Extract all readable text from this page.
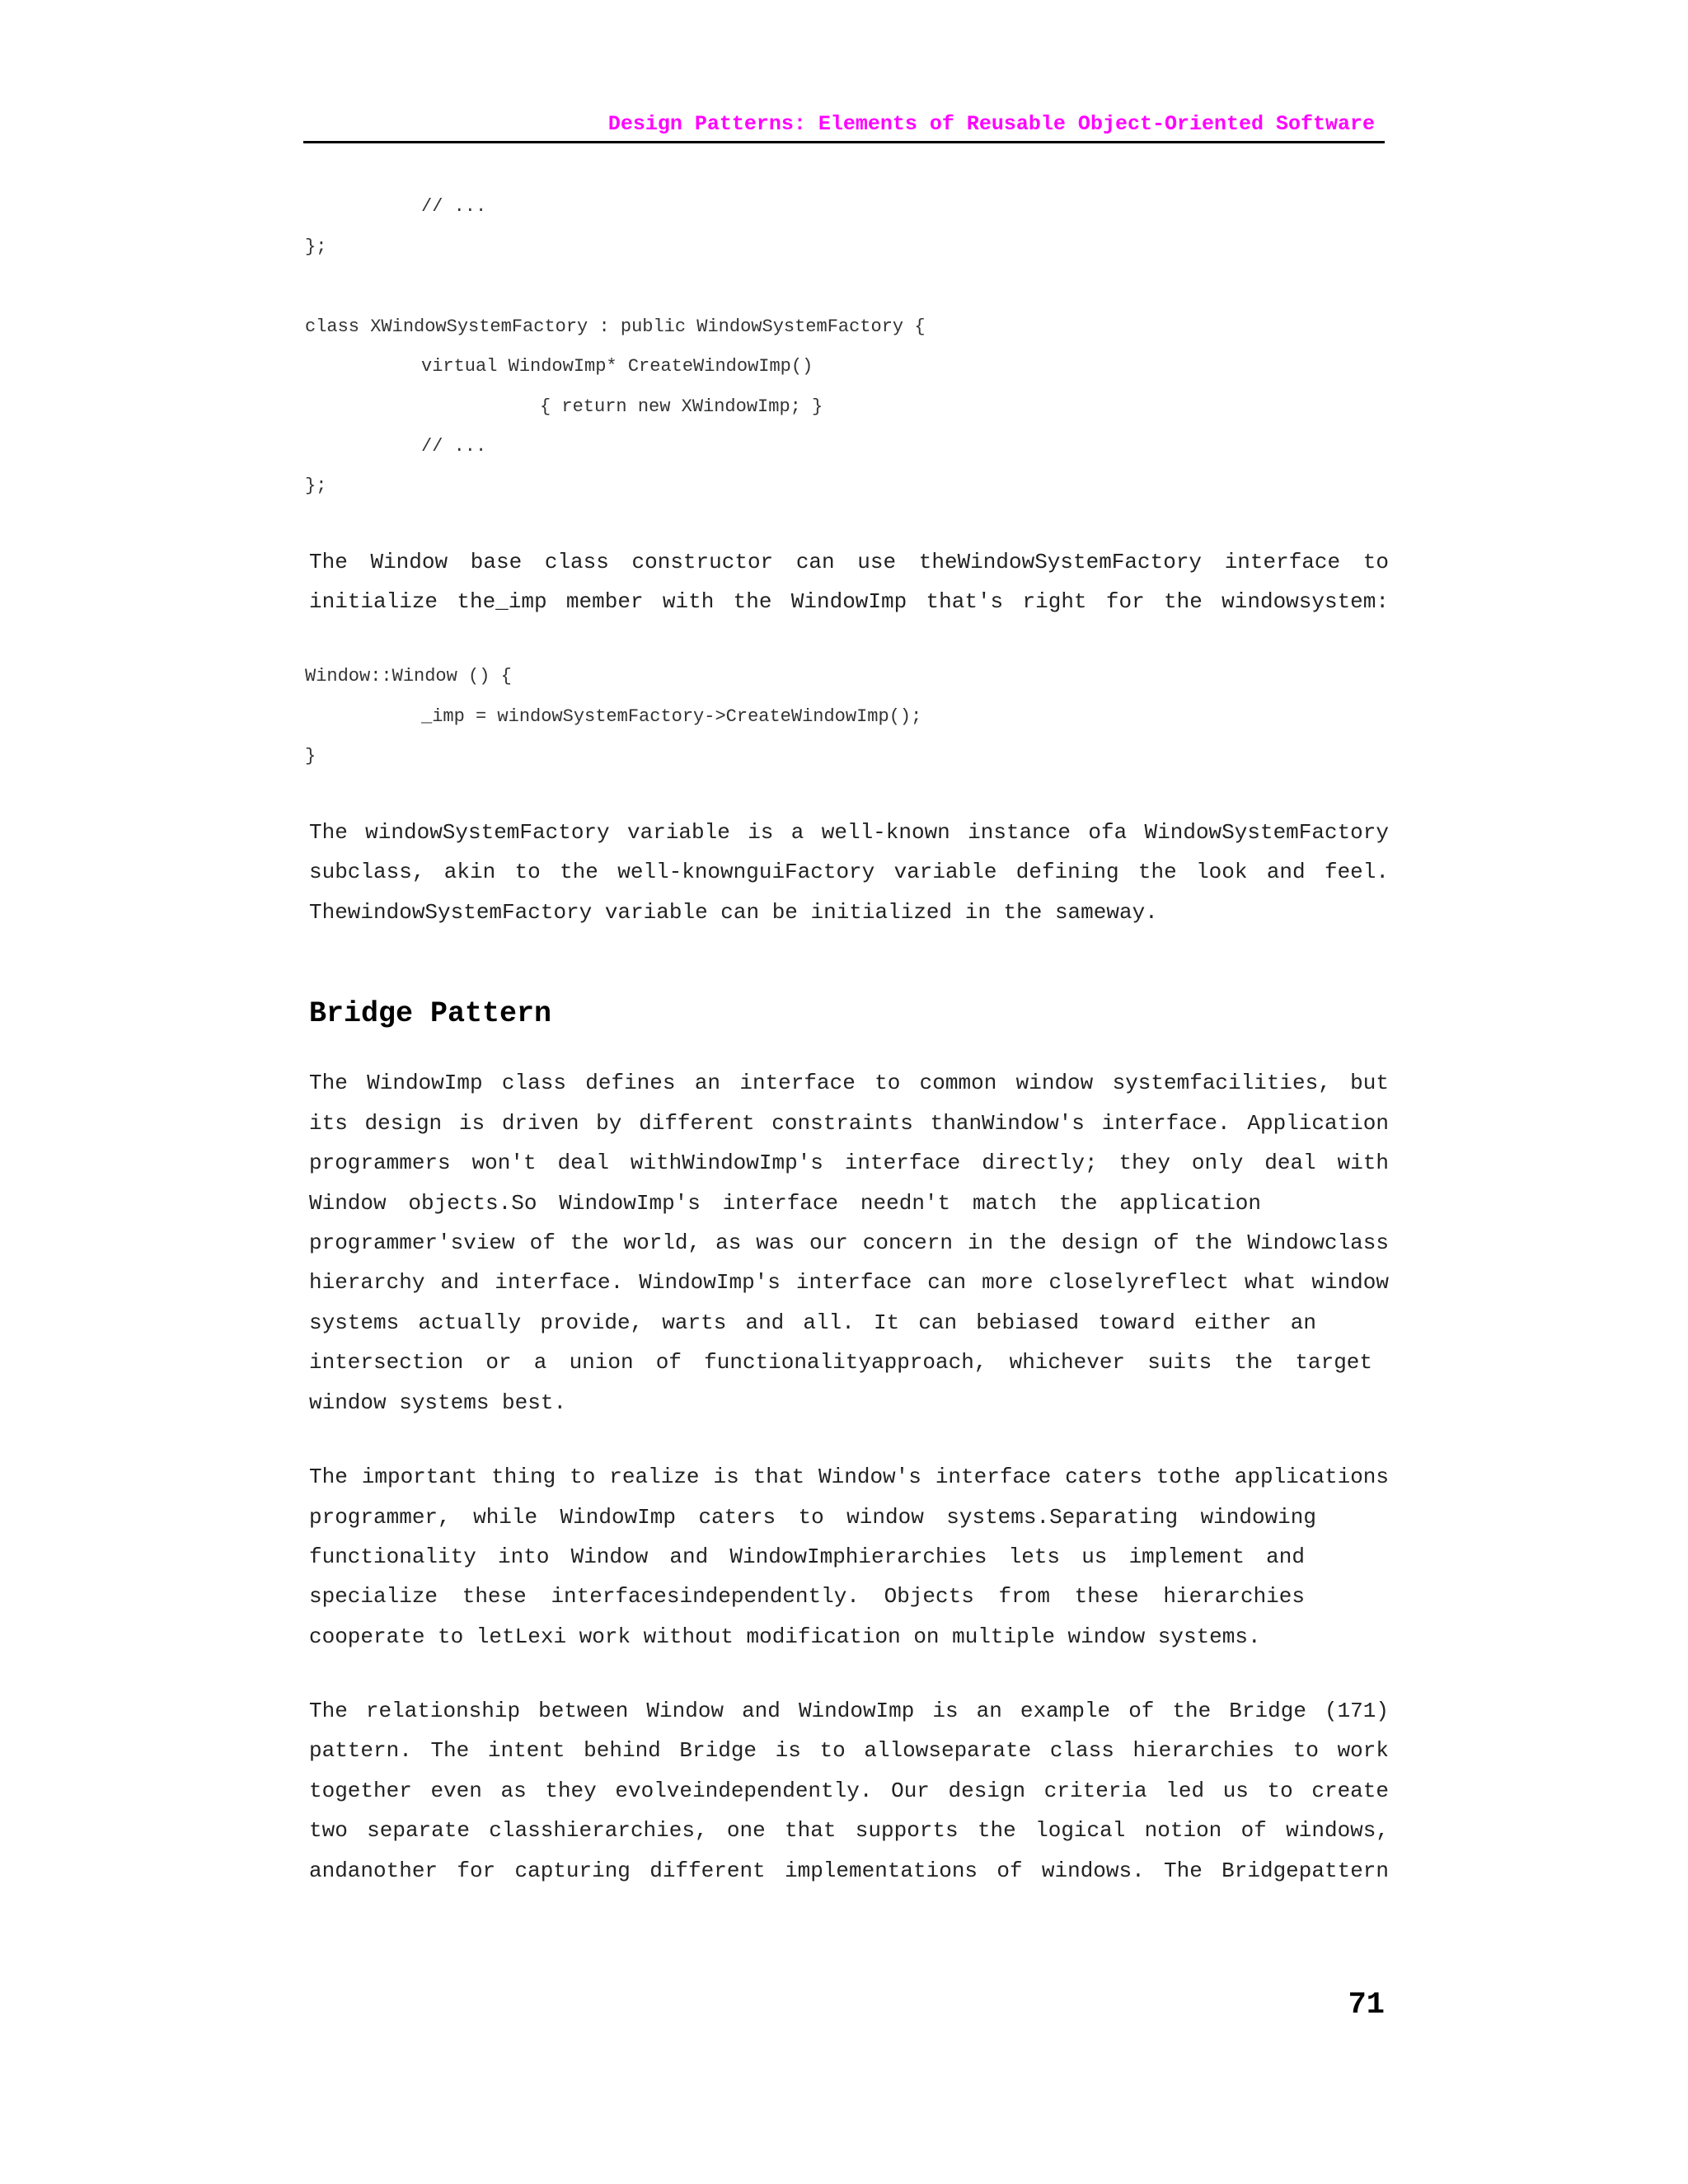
Design Patterns: Elements of Reusable Object-Oriented Software
// ...
};
class XWindowSystemFactory : public WindowSystemFactory {
virtual WindowImp* CreateWindowImp()
{ return new XWindowImp; }
// ...
};
The Window base class constructor can use theWindowSystemFactory interface to
initialize the_imp member with the WindowImp that's right for the windowsystem:
Window::Window () {
_imp = windowSystemFactory->CreateWindowImp();
}
The windowSystemFactory variable is a well-known instance ofa WindowSystemFactory
subclass, akin to the well-knownguiFactory variable defining the look and feel.
ThewindowSystemFactory variable can be initialized in the sameway.
Bridge Pattern
The WindowImp class defines an interface to common window systemfacilities, but
its design is driven by different constraints thanWindow's interface. Application
programmers won't deal withWindowImp's interface directly; they only deal with
Window objects.So WindowImp's interface needn't match the application
programmer'sview of the world, as was our concern in the design of the Windowclass
hierarchy and interface. WindowImp's interface can more closelyreflect what window
systems actually provide, warts and all. It can bebiased toward either an
intersection or a union of functionalityapproach, whichever suits the target
window systems best.
The important thing to realize is that Window's interface caters tothe applications
programmer, while WindowImp caters to window systems.Separating windowing
functionality into Window and WindowImphierarchies lets us implement and
specialize these interfacesindependently. Objects from these hierarchies
cooperate to letLexi work without modification on multiple window systems.
The relationship between Window and WindowImp is an example of the Bridge (171)
pattern. The intent behind Bridge is to allowseparate class hierarchies to work
together even as they evolveindependently. Our design criteria led us to create
two separate classhierarchies, one that supports the logical notion of windows,
andanother for capturing different implementations of windows. The Bridgepattern
71
